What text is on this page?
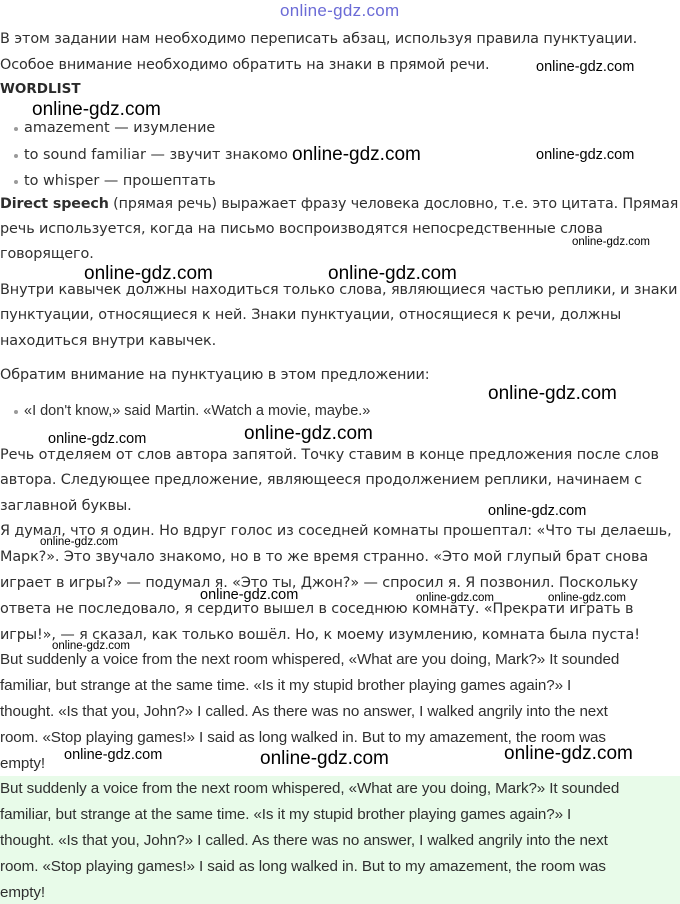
online-gdz.com
В этом задании нам необходимо переписать абзац, используя правила пунктуации.
Особое внимание необходимо обратить на знаки в прямой речи.
WORDLIST
amazement — изумление
to sound familiar — звучит знакомо
to whisper — прошептать
Direct speech (прямая речь) выражает фразу человека дословно, т.е. это цитата. Прямая
речь используется, когда на письмо воспроизводятся непосредственные слова
говорящего.
Внутри кавычек должны находиться только слова, являющиеся частью реплики, и знаки
пунктуации, относящиеся к ней. Знаки пунктуации, относящиеся к речи, должны
находиться внутри кавычек.
Обратим внимание на пунктуацию в этом предложении:
«I don't know,» said Martin. «Watch a movie, maybe.»
Речь отделяем от слов автора запятой. Точку ставим в конце предложения после слов
автора. Следующее предложение, являющееся продолжением реплики, начинаем с
заглавной буквы.
Я думал, что я один. Но вдруг голос из соседней комнаты прошептал: «Что ты делаешь,
Марк?». Это звучало знакомо, но в то же время странно. «Это мой глупый брат снова
играет в игры?» — подумал я. «Это ты, Джон?» — спросил я. Я позвонил. Поскольку
ответа не последовало, я сердито вышел в соседнюю комнату. «Прекрати играть в
игры!», — я сказал, как только вошёл. Но, к моему изумлению, комната была пуста!
But suddenly a voice from the next room whispered, «What are you doing, Mark?» It sounded
familiar, but strange at the same time. «Is it my stupid brother playing games again?» I
thought. «Is that you, John?» I called. As there was no answer, I walked angrily into the next
room. «Stop playing games!» I said as long walked in. But to my amazement, the room was
empty!
But suddenly a voice from the next room whispered, «What are you doing, Mark?» It sounded
familiar, but strange at the same time. «Is it my stupid brother playing games again?» I
thought. «Is that you, John?» I called. As there was no answer, I walked angrily into the next
room. «Stop playing games!» I said as long walked in. But to my amazement, the room was
empty!
online-gdz.com
online-gdz.com
online-gdz.com	online-gdz.com
online-gdz.com
online-gdz.com	online-gdz.com
online-gdz.com
online-gdz.com	online-gdz.com
online-gdz.com
online-gdz.com
online-gdz.com	online-gdz.com	online-gdz.com
online-gdz.com
online-gdz.com	online-gdz.com	online-gdz.com
